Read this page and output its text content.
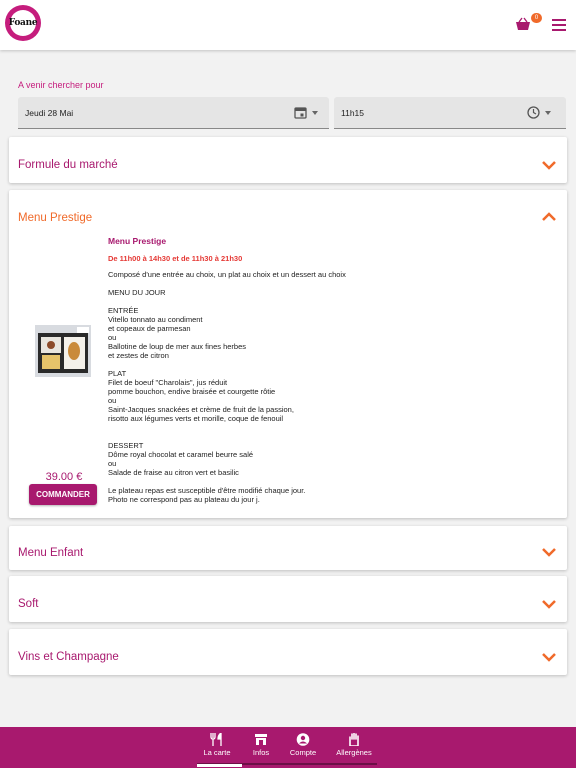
Foane	0
A venir chercher pour
Jeudi 28 Mai	11h15
Formule du marché
Menu Prestige
39.00 €
COMMANDER
Menu Prestige
De 11h00 à 14h30 et de 11h30 à 21h30
Composé d'une entrée au choix, un plat au choix et un dessert au choix

MENU DU JOUR

ENTRÉE
Vitello tonnato au condiment
et copeaux de parmesan
ou
Ballotine de loup de mer aux fines herbes
et zestes de citron

PLAT
Filet de boeuf "Charolais", jus réduit
pomme bouchon, endive braisée et courgette rôtie
ou
Saint-Jacques snackées et crème de fruit de la passion,
risotto aux légumes verts et morille, coque de fenouil

DESSERT
Dôme royal chocolat et caramel beurre salé
ou
Salade de fraise au citron vert et basilic

Le plateau repas est susceptible d'être modifié chaque jour.
Photo ne correspond pas au plateau du jour j.
Menu Enfant
Soft
Vins et Champagne
La carte	Infos	Compte	Allergènes
